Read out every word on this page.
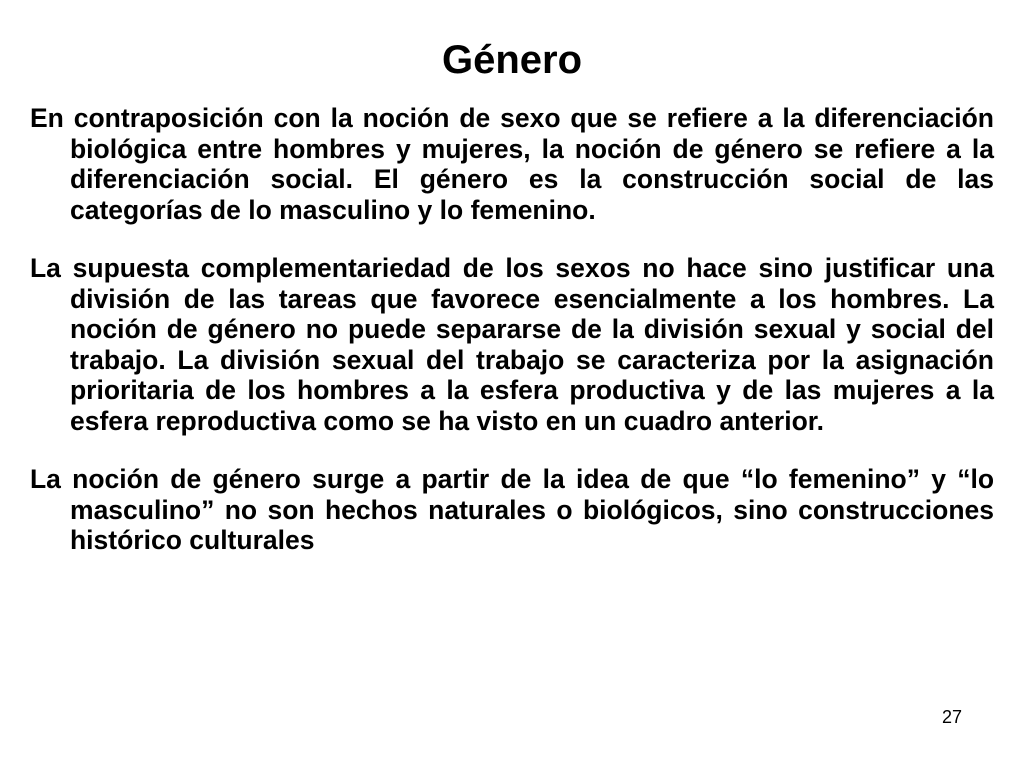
Género

En contraposición con la noción de sexo que se refiere a la diferenciación biológica entre hombres y mujeres, la noción de género se refiere a la diferenciación social. El género es la construcción social de las categorías de lo masculino y lo femenino.

La supuesta complementariedad de los sexos no hace sino justificar una división de las tareas que favorece esencialmente a los hombres. La noción de género no puede separarse de la división sexual y social del trabajo. La división sexual del trabajo se caracteriza por la asignación prioritaria de los hombres a la esfera productiva y de las mujeres a la esfera reproductiva como se ha visto en un cuadro anterior.

La noción de género surge a partir de la idea de que “lo femenino” y “lo masculino” no son hechos naturales o biológicos, sino construcciones histórico culturales

27
